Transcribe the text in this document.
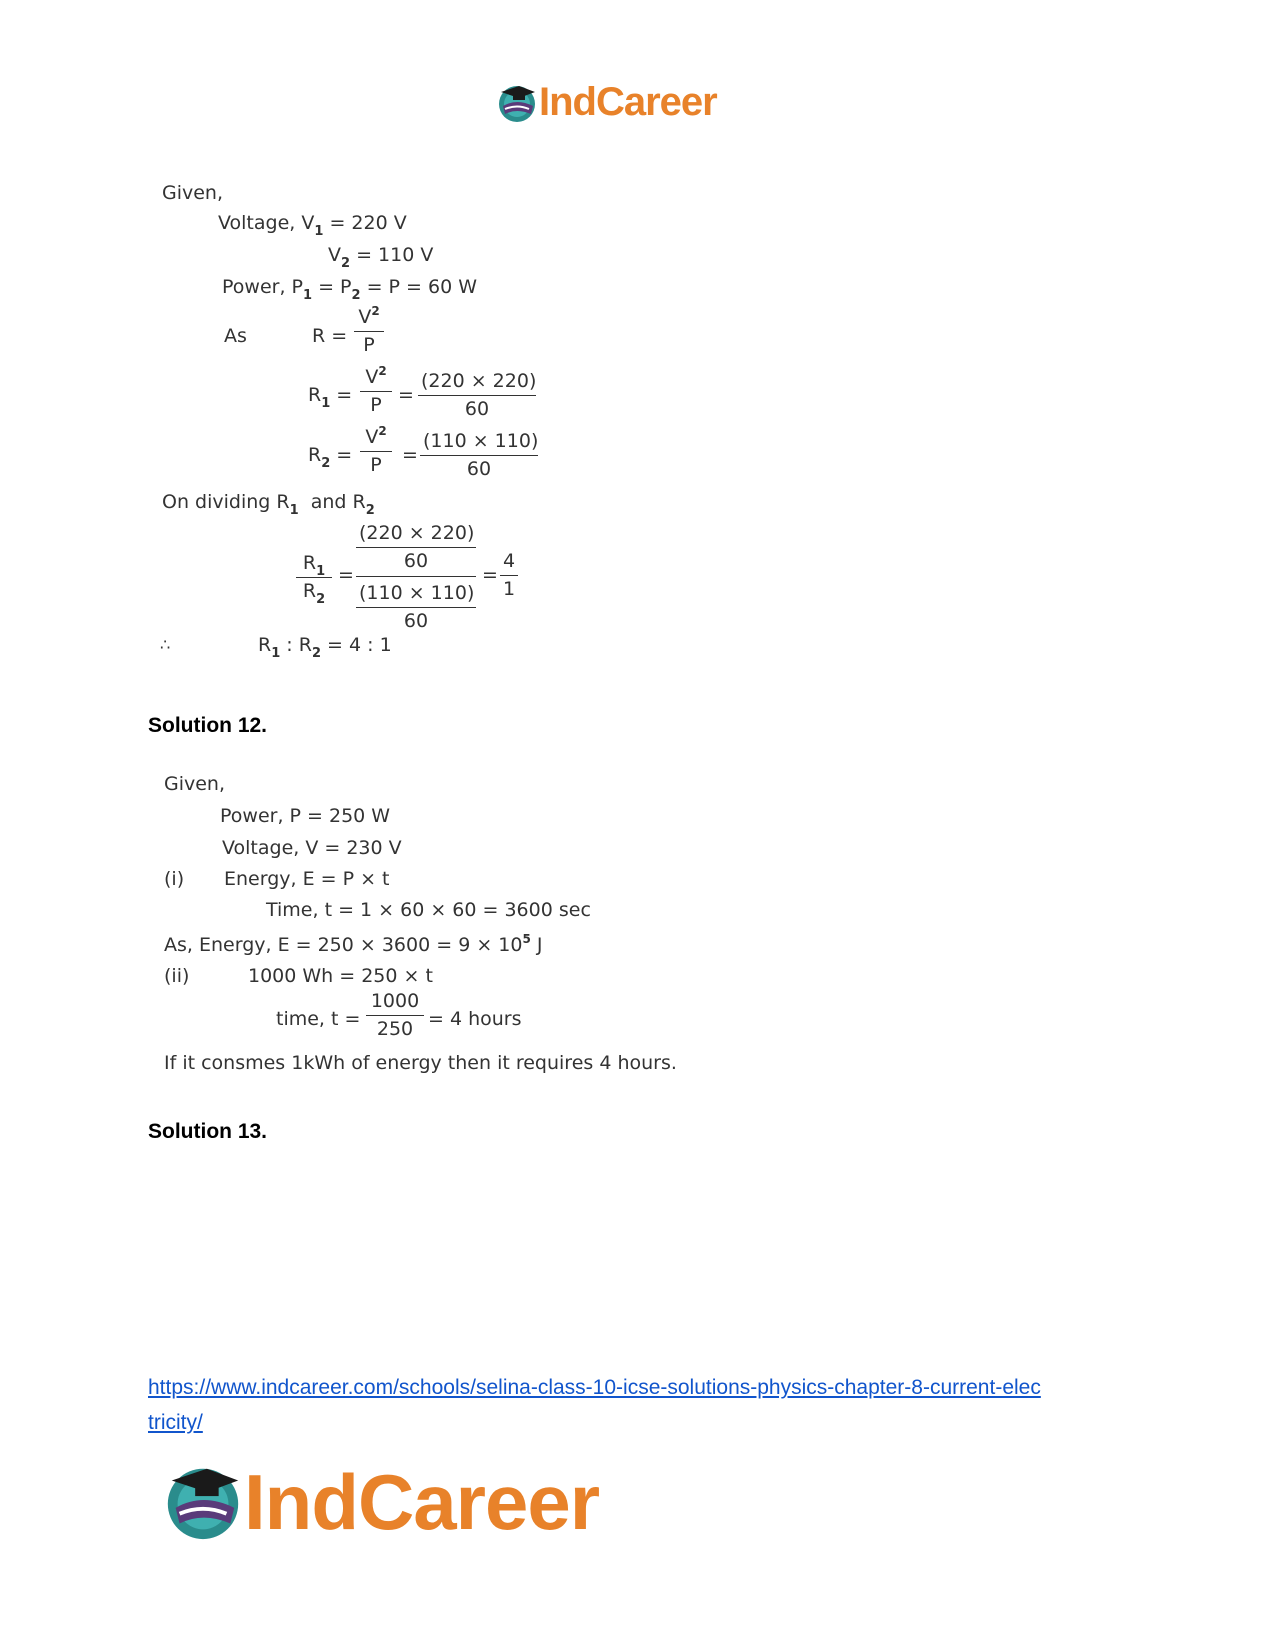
IndCareer
Given,
Voltage, $V_1 = 220$ V
$V_2 = 110$ V
Power, $P_1 = P_2 = P = 60$ W
As	R =
$V^2$
P
$R_1$ =
$V^2$
P =
(220 × 220)
60
$R_2$ =
$V^2$
P	=
(110 × 110)
60
On dividing $R_1$ and $R_2$
$R_1$
$R_2$
=
(220 × 220)
60
(110 × 110)
60
=
4
1
∴	$R_1$ : $R_2 = 4$ : 1
Solution 12.
Given,
Power, P = 250 W
Voltage, V = 230 V
(i) Energy, E = P × t
Time, t = 1 × 60 × 60 = 3600 sec
As, Energy, $E = 250 \times 3600 = 9 \times 10^5$ J
(ii)	1000 Wh = 250 × t
time, t =
1000
250 = 4 hours
If it consmes 1kWh of energy then it requires 4 hours.
Solution 13.
https://www.indcareer.com/schools/selina-class-10-icse-solutions-physics-chapter-8-current-elec
tricity/
IndCareer
